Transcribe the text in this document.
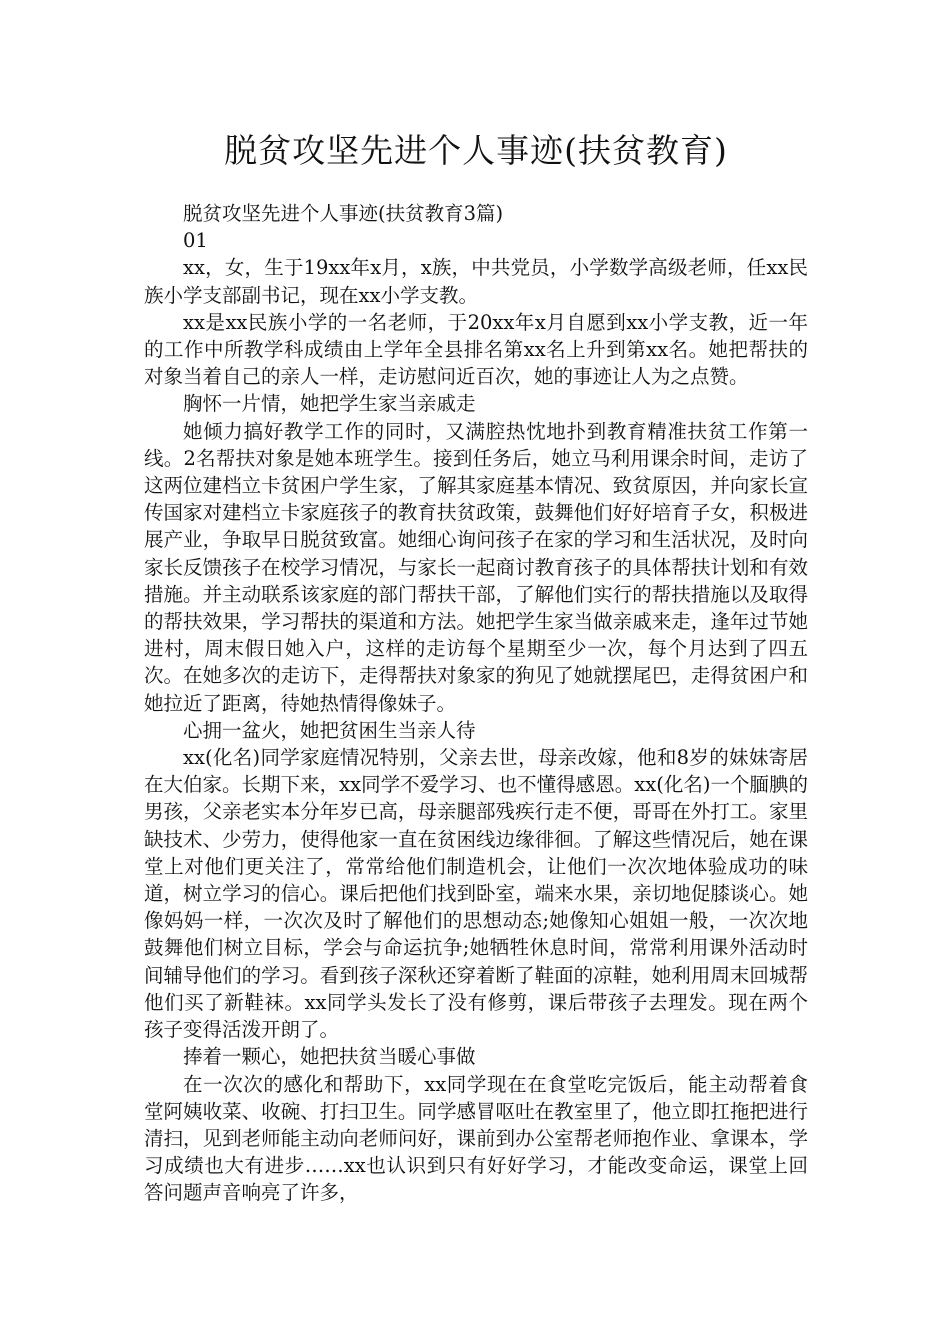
脱贫攻坚先进个人事迹(扶贫教育)

脱贫攻坚先进个人事迹(扶贫教育3篇)

01

xx，女，生于19xx年x月，x族，中共党员，小学数学高级老师，任xx民族小学支部副书记，现在xx小学支教。

xx是xx民族小学的一名老师，于20xx年x月自愿到xx小学支教，近一年的工作中所教学科成绩由上学年全县排名第xx名上升到第xx名。她把帮扶的对象当着自己的亲人一样，走访慰问近百次，她的事迹让人为之点赞。

胸怀一片情，她把学生家当亲戚走

她倾力搞好教学工作的同时，又满腔热忱地扑到教育精准扶贫工作第一线。2名帮扶对象是她本班学生。接到任务后，她立马利用课余时间，走访了这两位建档立卡贫困户学生家，了解其家庭基本情况、致贫原因，并向家长宣传国家对建档立卡家庭孩子的教育扶贫政策，鼓舞他们好好培育子女，积极进展产业，争取早日脱贫致富。她细心询问孩子在家的学习和生活状况，及时向家长反馈孩子在校学习情况，与家长一起商讨教育孩子的具体帮扶计划和有效措施。并主动联系该家庭的部门帮扶干部，了解他们实行的帮扶措施以及取得的帮扶效果，学习帮扶的渠道和方法。她把学生家当做亲戚来走，逢年过节她进村，周末假日她入户，这样的走访每个星期至少一次，每个月达到了四五次。在她多次的走访下，走得帮扶对象家的狗见了她就摆尾巴，走得贫困户和她拉近了距离，待她热情得像妹子。

心拥一盆火，她把贫困生当亲人待

xx(化名)同学家庭情况特别，父亲去世，母亲改嫁，他和8岁的妹妹寄居在大伯家。长期下来，xx同学不爱学习、也不懂得感恩。xx(化名)一个腼腆的男孩，父亲老实本分年岁已高，母亲腿部残疾行走不便，哥哥在外打工。家里缺技术、少劳力，使得他家一直在贫困线边缘徘徊。了解这些情况后，她在课堂上对他们更关注了，常常给他们制造机会，让他们一次次地体验成功的味道，树立学习的信心。课后把他们找到卧室，端来水果，亲切地促膝谈心。她像妈妈一样，一次次及时了解他们的思想动态;她像知心姐姐一般，一次次地鼓舞他们树立目标，学会与命运抗争;她牺牲休息时间，常常利用课外活动时间辅导他们的学习。看到孩子深秋还穿着断了鞋面的凉鞋，她利用周末回城帮他们买了新鞋袜。xx同学头发长了没有修剪，课后带孩子去理发。现在两个孩子变得活泼开朗了。

捧着一颗心，她把扶贫当暖心事做

在一次次的感化和帮助下，xx同学现在在食堂吃完饭后，能主动帮着食堂阿姨收菜、收碗、打扫卫生。同学感冒呕吐在教室里了，他立即扛拖把进行清扫，见到老师能主动向老师问好，课前到办公室帮老师抱作业、拿课本，学习成绩也大有进步……xx也认识到只有好好学习，才能改变命运，课堂上回答问题声音响亮了许多，
